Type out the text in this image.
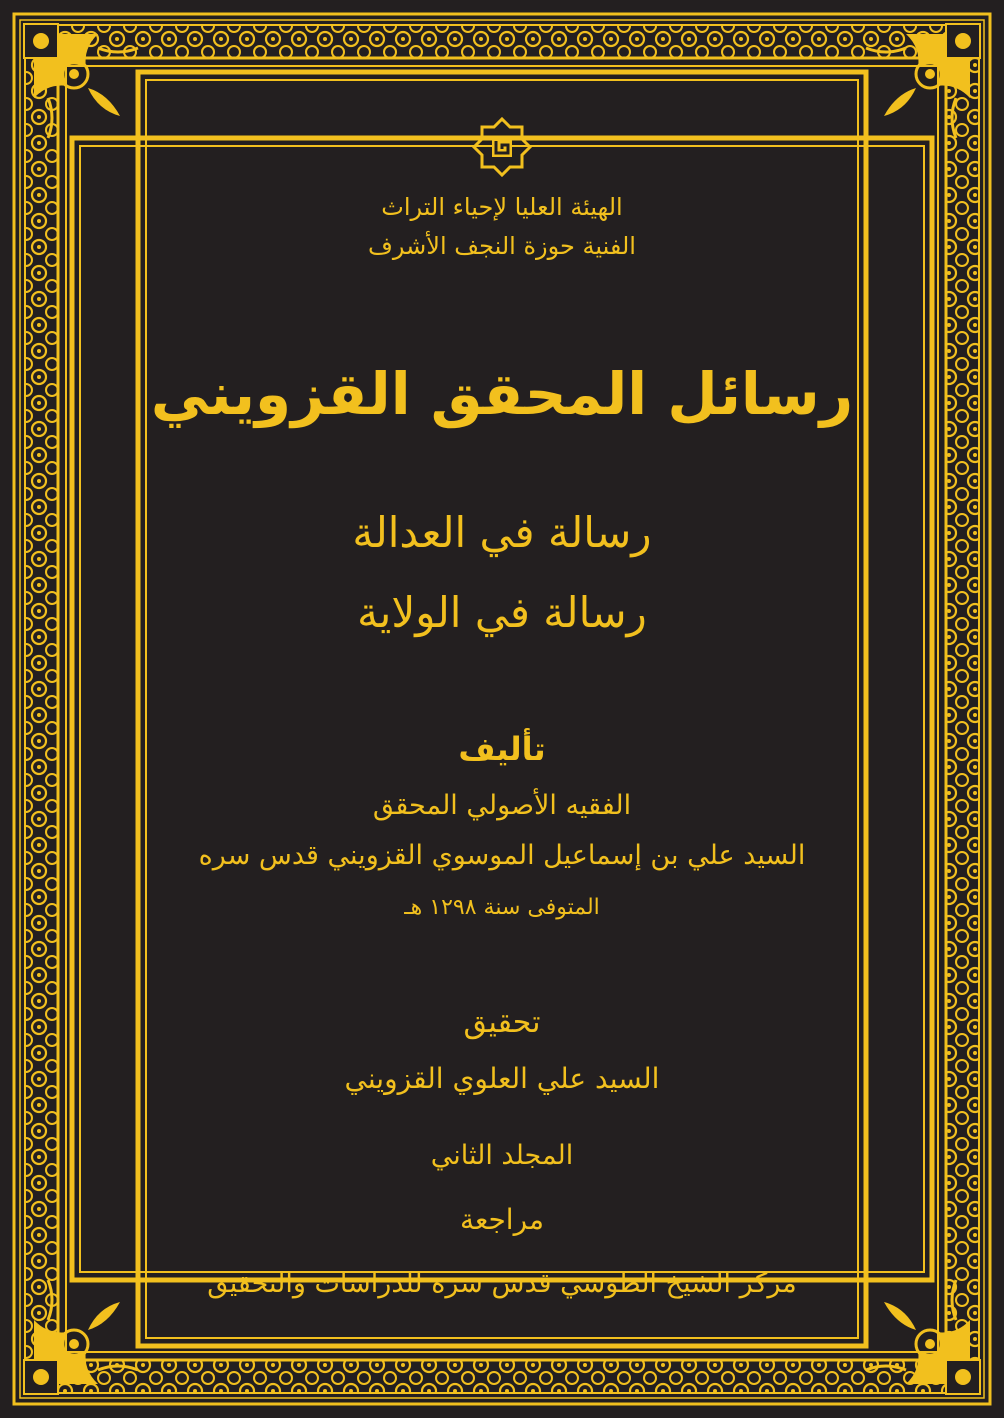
الهيئة العليا لإحياء التراث
الفنية حوزة النجف الأشرف
رسائل المحقق القزويني
رسالة في العدالة
رسالة في الولاية
تأليف
الفقيه الأصولي المحقق
السيد علي بن إسماعيل الموسوي القزويني قدس سره
المتوفى سنة ١٢٩٨ هـ
تحقيق
السيد علي العلوي القزويني
المجلد الثاني
مراجعة
مركز الشيخ الطوسي قدس سره للدراسات والتحقيق
